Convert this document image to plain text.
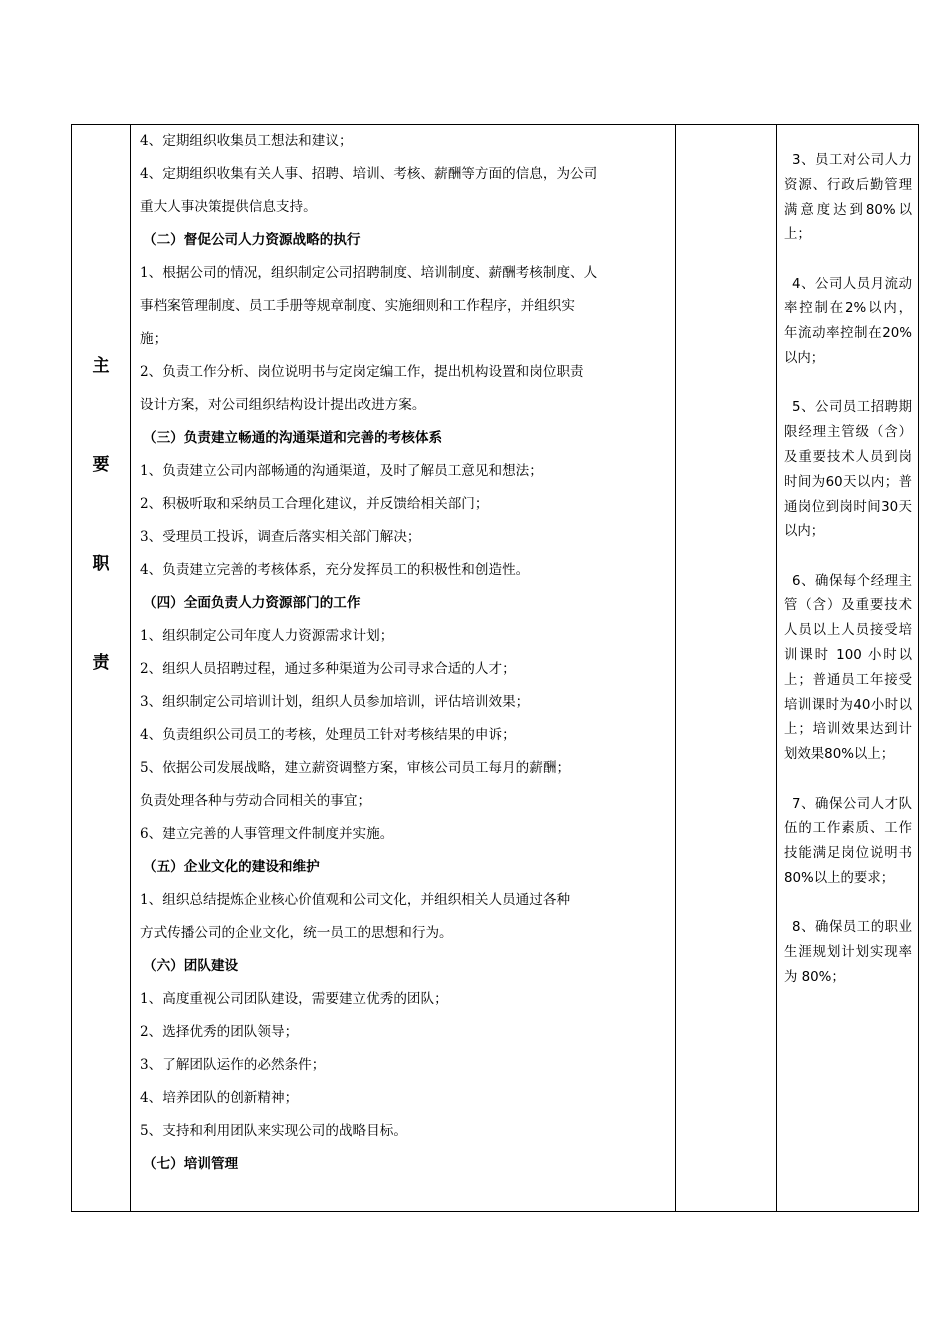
主
要
职
责

4、定期组织收集员工想法和建议；

4、定期组织收集有关人事、招聘、培训、考核、薪酬等方面的信息，为公司

重大人事决策提供信息支持。

（二）督促公司人力资源战略的执行

1、根据公司的情况，组织制定公司招聘制度、培训制度、薪酬考核制度、人

事档案管理制度、员工手册等规章制度、实施细则和工作程序，并组织实

施；

2、负责工作分析、岗位说明书与定岗定编工作，提出机构设置和岗位职责

设计方案，对公司组织结构设计提出改进方案。

（三）负责建立畅通的沟通渠道和完善的考核体系

1、负责建立公司内部畅通的沟通渠道，及时了解员工意见和想法；

2、积极听取和采纳员工合理化建议，并反馈给相关部门；

3、受理员工投诉，调查后落实相关部门解决；

4、负责建立完善的考核体系，充分发挥员工的积极性和创造性。

（四）全面负责人力资源部门的工作

1、组织制定公司年度人力资源需求计划；

2、组织人员招聘过程，通过多种渠道为公司寻求合适的人才；

3、组织制定公司培训计划，组织人员参加培训，评估培训效果；

4、负责组织公司员工的考核，处理员工针对考核结果的申诉；

5、依据公司发展战略，建立薪资调整方案，审核公司员工每月的薪酬；

负责处理各种与劳动合同相关的事宜；

6、建立完善的人事管理文件制度并实施。

（五）企业文化的建设和维护

1、组织总结提炼企业核心价值观和公司文化，并组织相关人员通过各种

方式传播公司的企业文化，统一员工的思想和行为。

（六）团队建设

1、高度重视公司团队建设，需要建立优秀的团队；

2、选择优秀的团队领导；

3、了解团队运作的必然条件；

4、培养团队的创新精神；

5、支持和利用团队来实现公司的战略目标。

（七）培训管理

3、员工对公司人力资源、行政后勤管理满意度达到80%以上；

4、公司人员月流动率控制在2%以内，年流动率控制在20%以内；

5、公司员工招聘期限经理主管级（含）及重要技术人员到岗时间为60天以内；普通岗位到岗时间30天以内；

6、确保每个经理主管（含）及重要技术人员以上人员接受培训课时 100 小时以上；普通员工年接受培训课时为40小时以上；培训效果达到计划效果80%以上；

7、确保公司人才队伍的工作素质、工作技能满足岗位说明书 80%以上的要求；

8、确保员工的职业生涯规划计划实现率为 80%；
